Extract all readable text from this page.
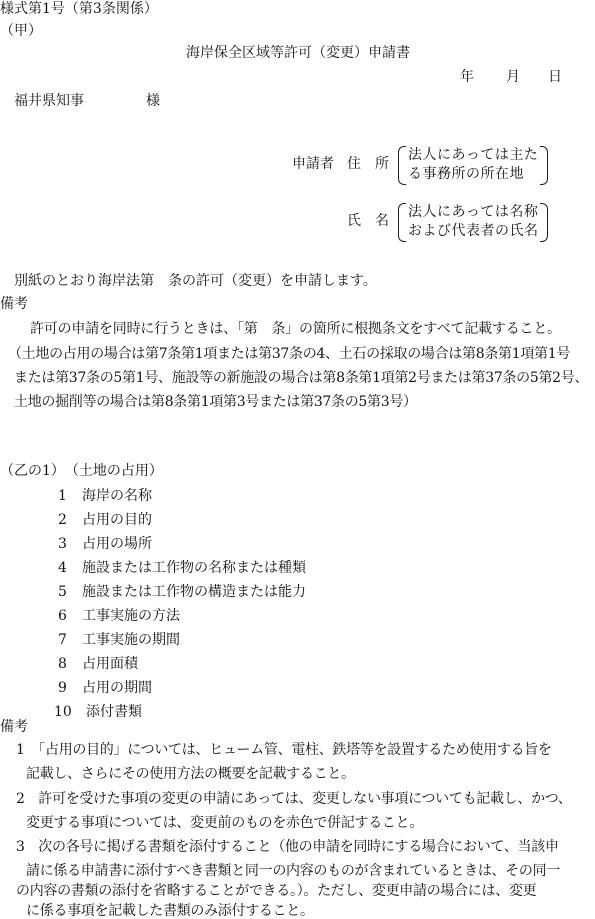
様式第1号（第3条関係）
（甲）
海岸保全区域等許可（変更）申請書
年 月 日
福井県知事	様
申請者 住　所
法人にあっては主た
る事務所の所在地
氏　名
法人にあっては名称
および代表者の氏名
別紙のとおり海岸法第　条の許可（変更）を申請します。
備考
許可の申請を同時に行うときは、「第　条」の箇所に根拠条文をすべて記載すること。
（土地の占用の場合は第7条第1項または第37条の4、土石の採取の場合は第8条第1項第1号
または第37条の5第1号、施設等の新施設の場合は第8条第1項第2号または第37条の5第2号、
土地の掘削等の場合は第8条第1項第3号または第37条の5第3号）
（乙の1）　（土地の占用）
1 海岸の名称
2 占用の目的
3 占用の場所
4 施設または工作物の名称または種類
5 施設または工作物の構造または能力
6 工事実施の方法
7 工事実施の期間
8 占用面積
9 占用の期間
10 添付書類
備考
1　「占用の目的」については、ヒューム管、電柱、鉄塔等を設置するため使用する旨を
記載し、さらにその使用方法の概要を記載すること。
2　許可を受けた事項の変更の申請にあっては、変更しない事項についても記載し、かつ、
変更する事項については、変更前のものを赤色で併記すること。
3　次の各号に掲げる書類を添付すること（他の申請を同時にする場合において、当該申
請に係る申請書に添付すべき書類と同一の内容のものが含まれているときは、その同一
の内容の書類の添付を省略することができる。）。ただし、変更申請の場合には、変更
に係る事項を記載した書類のみ添付すること。
